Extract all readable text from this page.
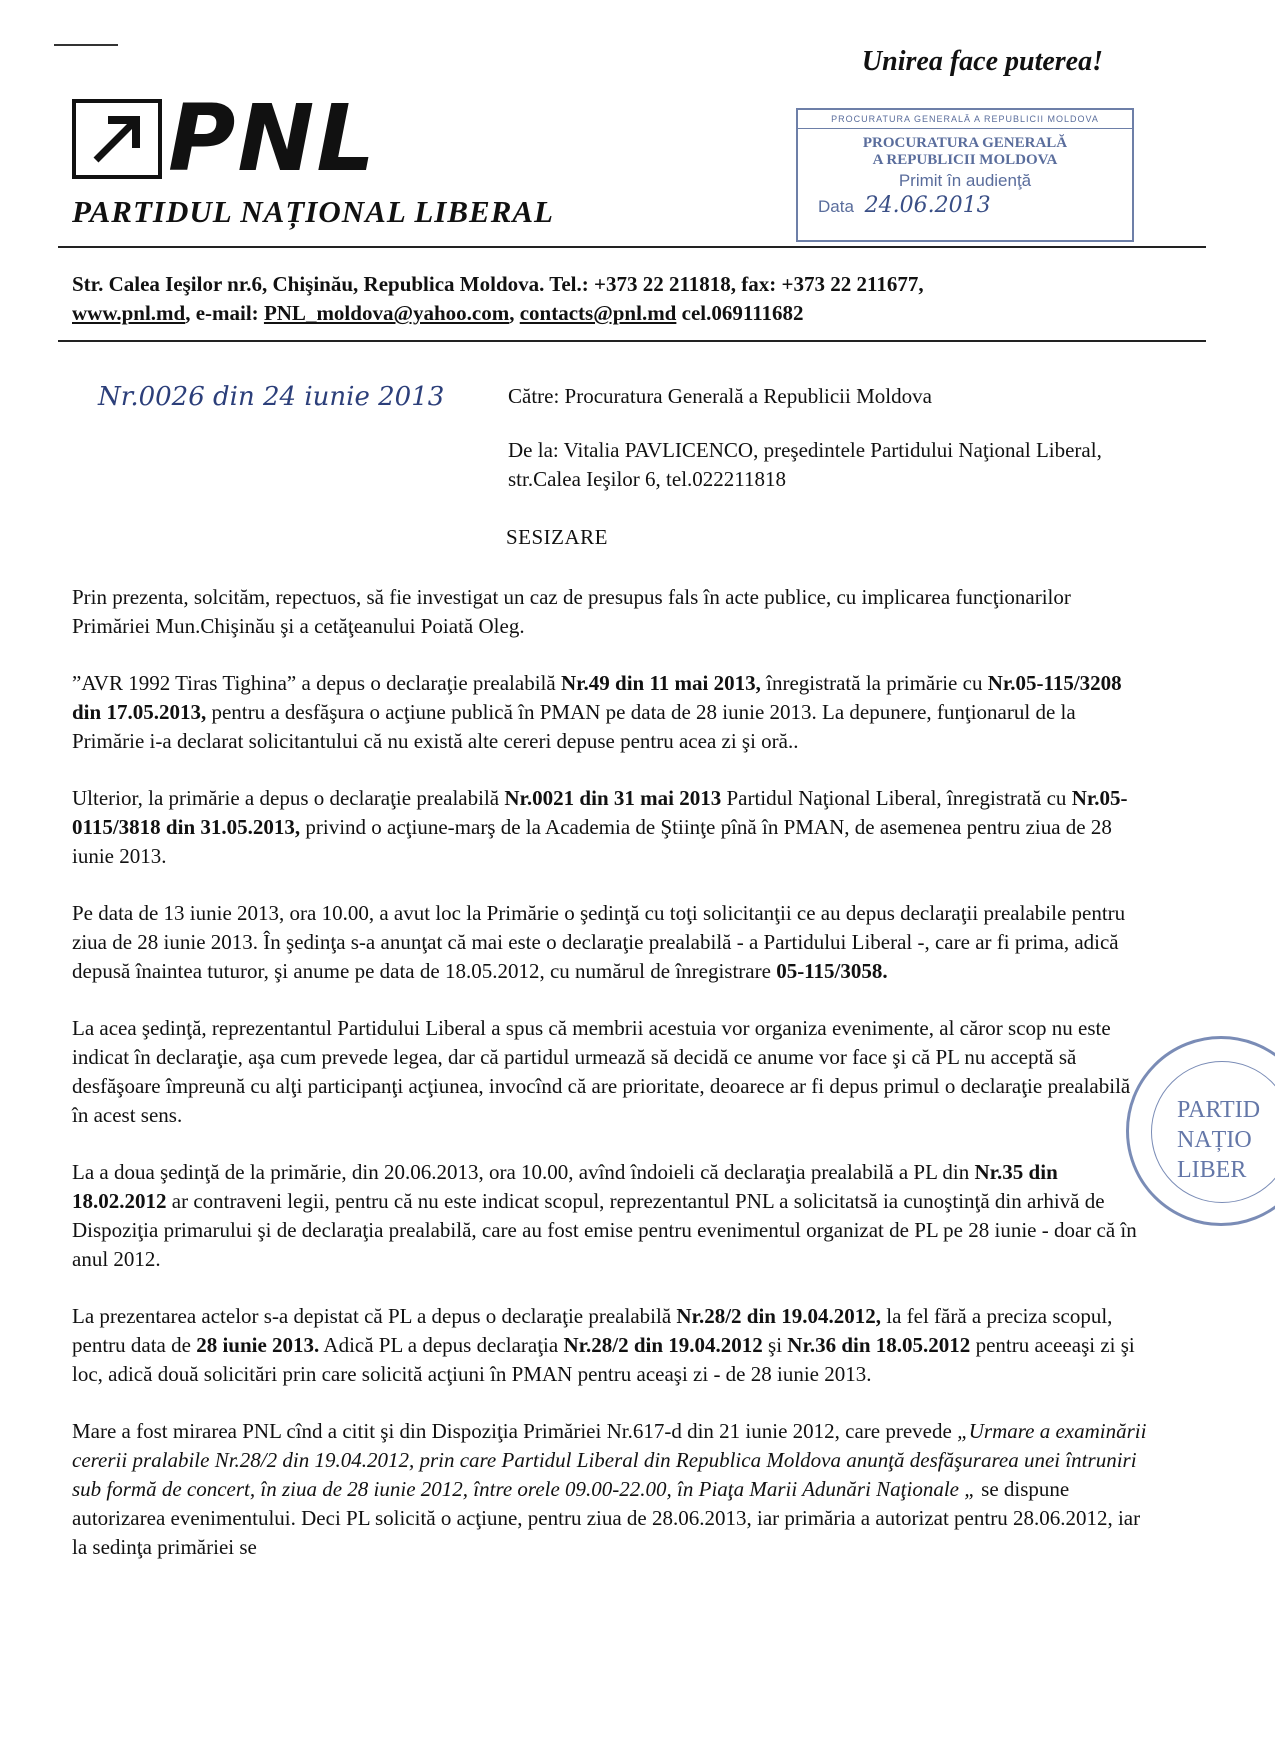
Unirea face puterea!
PNL
PARTIDUL NAȚIONAL LIBERAL
PROCURATURA GENERALĂ A REPUBLICII MOLDOVA
PROCURATURA GENERALĂ
A REPUBLICII MOLDOVA
Primit în audienţă
Data 24.06.2013
Str. Calea Ieşilor nr.6, Chişinău, Republica Moldova. Tel.: +373 22 211818, fax: +373 22 211677,
www.pnl.md, e-mail: PNL_moldova@yahoo.com, contacts@pnl.md cel.069111682
Nr.0026 din 24 iunie 2013	Către: Procuratura Generală a Republicii Moldova
De la: Vitalia PAVLICENCO, preşedintele Partidului Naţional Liberal, str.Calea Ieşilor 6, tel.022211818
SESIZARE

Prin prezenta, solcităm, repectuos, să fie investigat un caz de presupus fals în acte publice, cu implicarea funcţionarilor Primăriei Mun.Chişinău şi a cetăţeanului Poiată Oleg.

”AVR 1992 Tiras Tighina” a depus o declaraţie prealabilă Nr.49 din 11 mai 2013, înregistrată la primărie cu Nr.05-115/3208 din 17.05.2013, pentru a desfăşura o acţiune publică în PMAN pe data de 28 iunie 2013. La depunere, funţionarul de la Primărie i-a declarat solicitantului că nu există alte cereri depuse pentru acea zi şi oră..

Ulterior, la primărie a depus o declaraţie prealabilă Nr.0021 din 31 mai 2013 Partidul Naţional Liberal, înregistrată cu Nr.05-0115/3818 din 31.05.2013, privind o acţiune-marş de la Academia de Ştiinţe pînă în PMAN, de asemenea pentru ziua de 28 iunie 2013.

Pe data de 13 iunie 2013, ora 10.00, a avut loc la Primărie o şedinţă cu toţi solicitanţii ce au depus declaraţii prealabile pentru ziua de 28 iunie 2013. În şedinţa s-a anunţat că mai este o declaraţie prealabilă - a Partidului Liberal -, care ar fi prima, adică depusă înaintea tuturor, şi anume pe data de 18.05.2012, cu numărul de înregistrare 05-115/3058.

La acea şedinţă, reprezentantul Partidului Liberal a spus că membrii acestuia vor organiza evenimente, al căror scop nu este indicat în declaraţie, aşa cum prevede legea, dar că partidul urmează să decidă ce anume vor face şi că PL nu acceptă să desfăşoare împreună cu alţi participanţi acţiunea, invocînd că are prioritate, deoarece ar fi depus primul o declaraţie prealabilă în acest sens.

La a doua şedinţă de la primărie, din 20.06.2013, ora 10.00, avînd îndoielі că declaraţia prealabilă a PL din Nr.35 din 18.02.2012 ar contraveni legii, pentru că nu este indicat scopul, reprezentantul PNL a solicitatsă ia cunoştinţă din arhivă de Dispoziţia primarului şi de declaraţia prealabilă, care au fost emise pentru evenimentul organizat de PL pe 28 iunie - doar că în anul 2012.

La prezentarea actelor s-a depistat că PL a depus o declaraţie prealabilă Nr.28/2 din 19.04.2012, la fel fără a preciza scopul, pentru data de 28 iunie 2013. Adică PL a depus declaraţia Nr.28/2 din 19.04.2012 şi Nr.36 din 18.05.2012 pentru aceeaşi zi şi loc, adică două solicitări prin care solicită acţiuni în PMAN pentru aceaşi zi - de 28 iunie 2013.

Mare a fost mirarea PNL cînd a citit şi din Dispoziţia Primăriei Nr.617-d din 21 iunie 2012, care prevede „Urmare a examinării cererii pralabile Nr.28/2 din 19.04.2012, prin care Partidul Liberal din Republica Moldova anunţă desfăşurarea unei întruniri sub formă de concert, în ziua de 28 iunie 2012, între orele 09.00-22.00, în Piaţa Marii Adunări Naţionale „ se dispune autorizarea evenimentului. Deci PL solicită o acţiune, pentru ziua de 28.06.2013, iar primăria a autorizat pentru 28.06.2012, iar la sedinţa primăriei se

PARTID
NAȚIO
LIBER
